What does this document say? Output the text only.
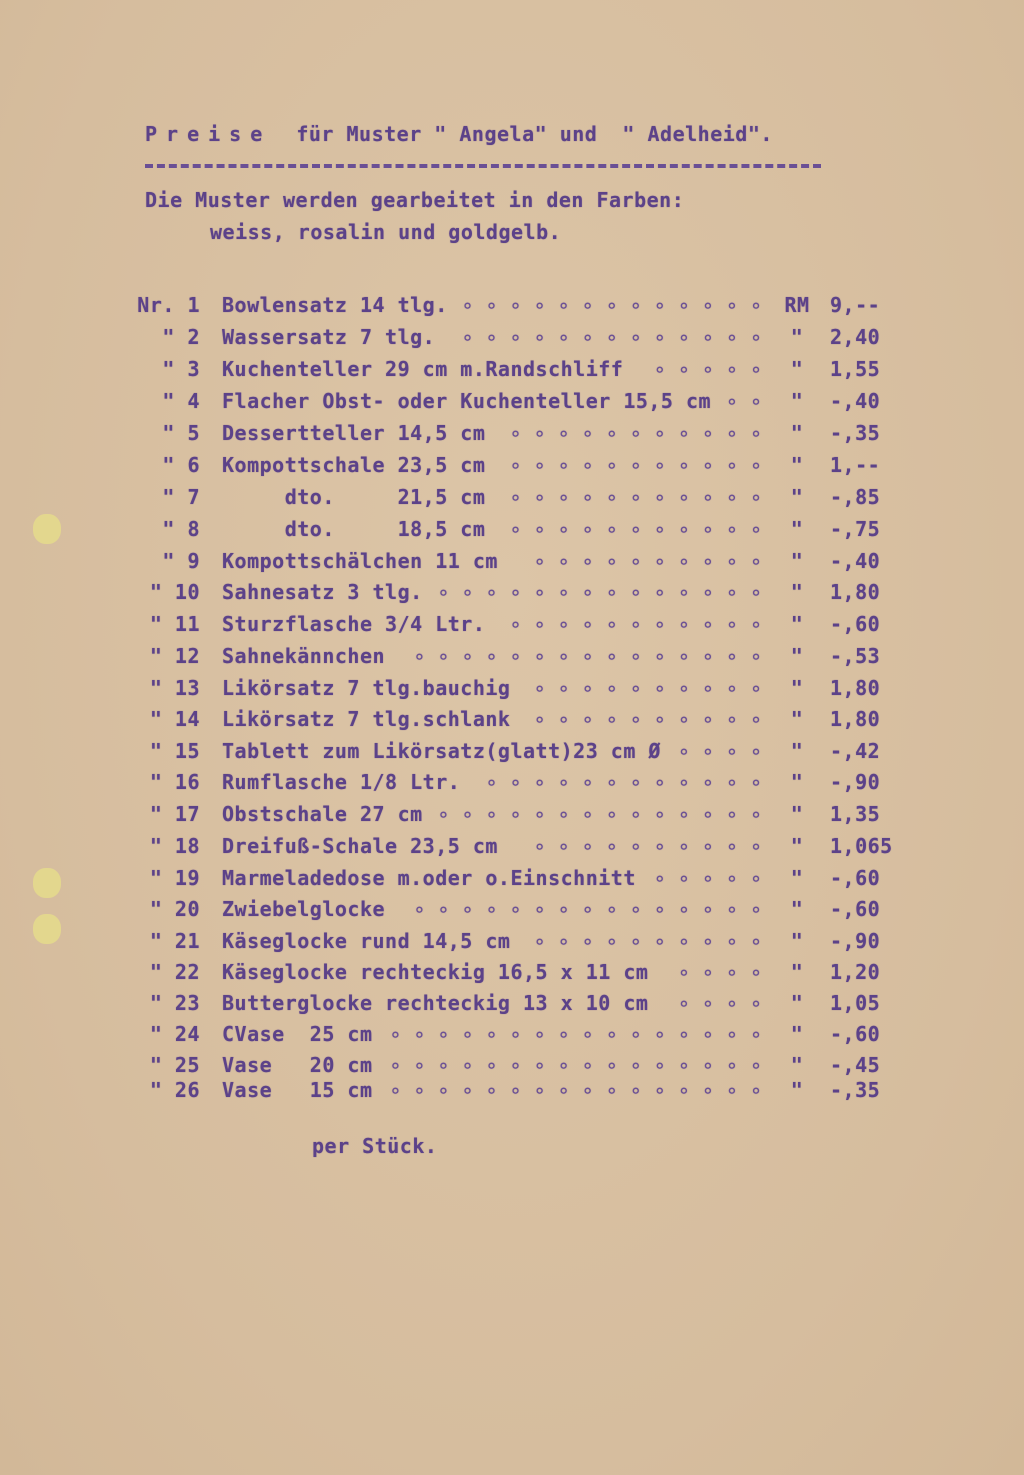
Preise für Muster " Angela" und  " Adelheid".
Die Muster werden gearbeitet in den Farben:
weiss, rosalin und goldgelb.
Nr. 1 Bowlensatz 14 tlg. ∘∘∘∘∘∘∘∘∘∘∘∘∘ RM 9,--
" 2 Wassersatz 7 tlg. ∘∘∘∘∘∘∘∘∘∘∘∘∘ "	2,40
" 3 Kuchenteller 29 cm m.Randschliff ∘∘∘∘∘ "	1,55
" 4 Flacher Obst- oder Kuchenteller 15,5 cm ∘∘ "	-,40
" 5 Dessertteller 14,5 cm ∘∘∘∘∘∘∘∘∘∘∘ "	-,35
" 6 Kompottschale 23,5 cm ∘∘∘∘∘∘∘∘∘∘∘ "	1,--
" 7 dto.     21,5 cm ∘∘∘∘∘∘∘∘∘∘∘ "	-,85
" 8 dto.     18,5 cm ∘∘∘∘∘∘∘∘∘∘∘ "	-,75
" 9 Kompottschälchen 11 cm ∘∘∘∘∘∘∘∘∘∘ "	-,40
" 10 Sahnesatz 3 tlg. ∘∘∘∘∘∘∘∘∘∘∘∘∘∘ "	1,80
" 11 Sturzflasche 3/4 Ltr. ∘∘∘∘∘∘∘∘∘∘∘ "	-,60
" 12 Sahnekännchen ∘∘∘∘∘∘∘∘∘∘∘∘∘∘∘ "	-,53
" 13 Likörsatz 7 tlg.bauchig ∘∘∘∘∘∘∘∘∘∘ "	1,80
" 14 Likörsatz 7 tlg.schlank ∘∘∘∘∘∘∘∘∘∘ "	1,80
" 15 Tablett zum Likörsatz(glatt)23 cm Ø ∘∘∘∘ "	-,42
" 16 Rumflasche 1/8 Ltr. ∘∘∘∘∘∘∘∘∘∘∘∘ "	-,90
" 17 Obstschale 27 cm ∘∘∘∘∘∘∘∘∘∘∘∘∘∘ "	1,35
" 18 Dreifuß-Schale 23,5 cm ∘∘∘∘∘∘∘∘∘∘ "	1,065
" 19 Marmeladedose m.oder o.Einschnitt ∘∘∘∘∘ "	-,60
" 20 Zwiebelglocke ∘∘∘∘∘∘∘∘∘∘∘∘∘∘∘ "	-,60
" 21 Käseglocke rund 14,5 cm ∘∘∘∘∘∘∘∘∘∘ "	-,90
" 22 Käseglocke rechteckig 16,5 x 11 cm ∘∘∘∘ "	1,20
" 23 Butterglocke rechteckig 13 x 10 cm ∘∘∘∘ "	1,05
" 24 CVase  25 cm ∘∘∘∘∘∘∘∘∘∘∘∘∘∘∘∘ "	-,60
" 25 Vase   20 cm ∘∘∘∘∘∘∘∘∘∘∘∘∘∘∘∘ "	-,45
" 26 Vase   15 cm ∘∘∘∘∘∘∘∘∘∘∘∘∘∘∘∘ "	-,35
per Stück.
